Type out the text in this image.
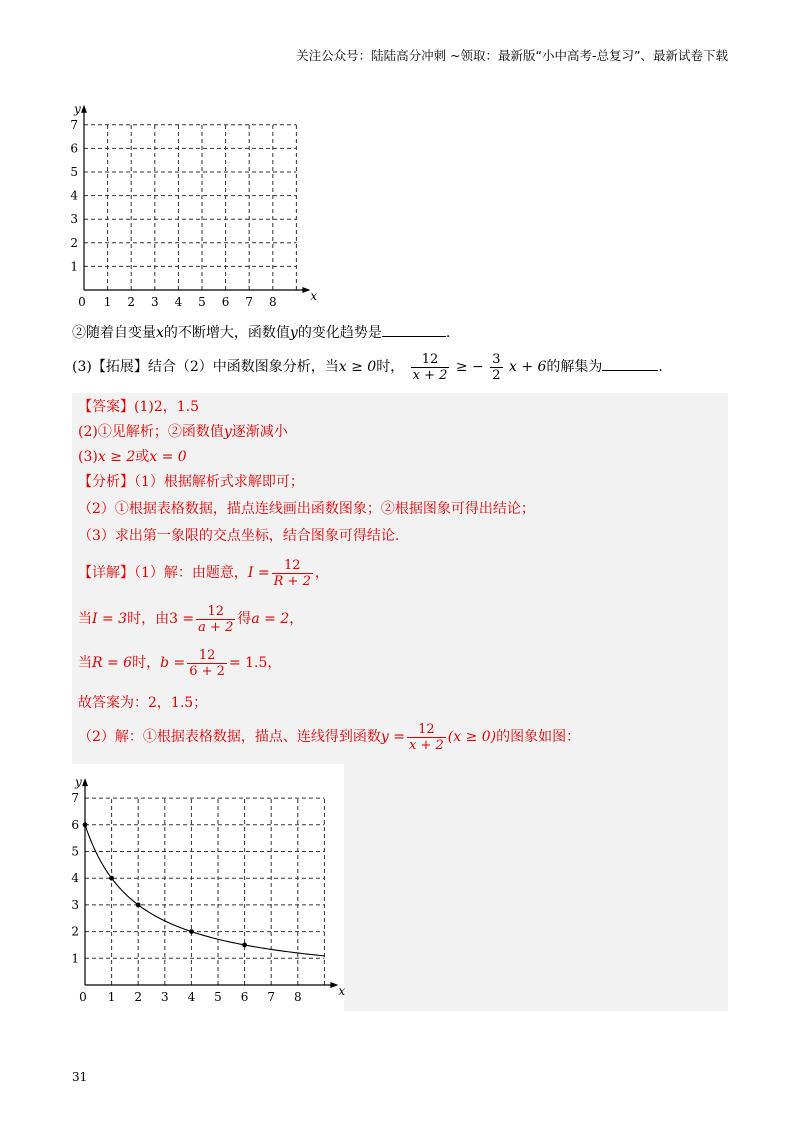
关注公众号：陆陆高分冲刺 ~领取：最新版“小中高考-总复习”、最新试卷下载
1 2 3 4 5 6 7 8
1
2
3
4
5
6
7
0	x
y
②随着自变量x的不断增大，函数值y的变化趋势是	.
(3)【拓展】结合（2）中函数图象分析，当x ≥ 0时， $\frac{12}{x + 2}$ ≥ − $\frac{3}{2}$ x + 6的解集为	.
【答案】(1)2，1.5
(2)①见解析；②函数值y逐渐减小
(3)x ≥ 2或x = 0
【分析】（1）根据解析式求解即可；
（2）①根据表格数据，描点连线画出函数图象；②根据图象可得出结论；
（3）求出第一象限的交点坐标，结合图象可得结论.
【详解】（1）解：由题意，$I = \frac{12}{R + 2}$ ，
当I = 3时，由$3 = \frac{12}{a + 2}$ 得a = 2，
当R = 6时，$b = \frac{12}{6 + 2} = 1.5$，
故答案为：2，1.5；
（2）解：①根据表格数据，描点、连线得到函数$y = \frac{12}{x + 2} (x \ge 0)$的图象如图：
1 2 3 4 5 6 7 8
1
2
3
4
5
6
7
0	x
y
31
